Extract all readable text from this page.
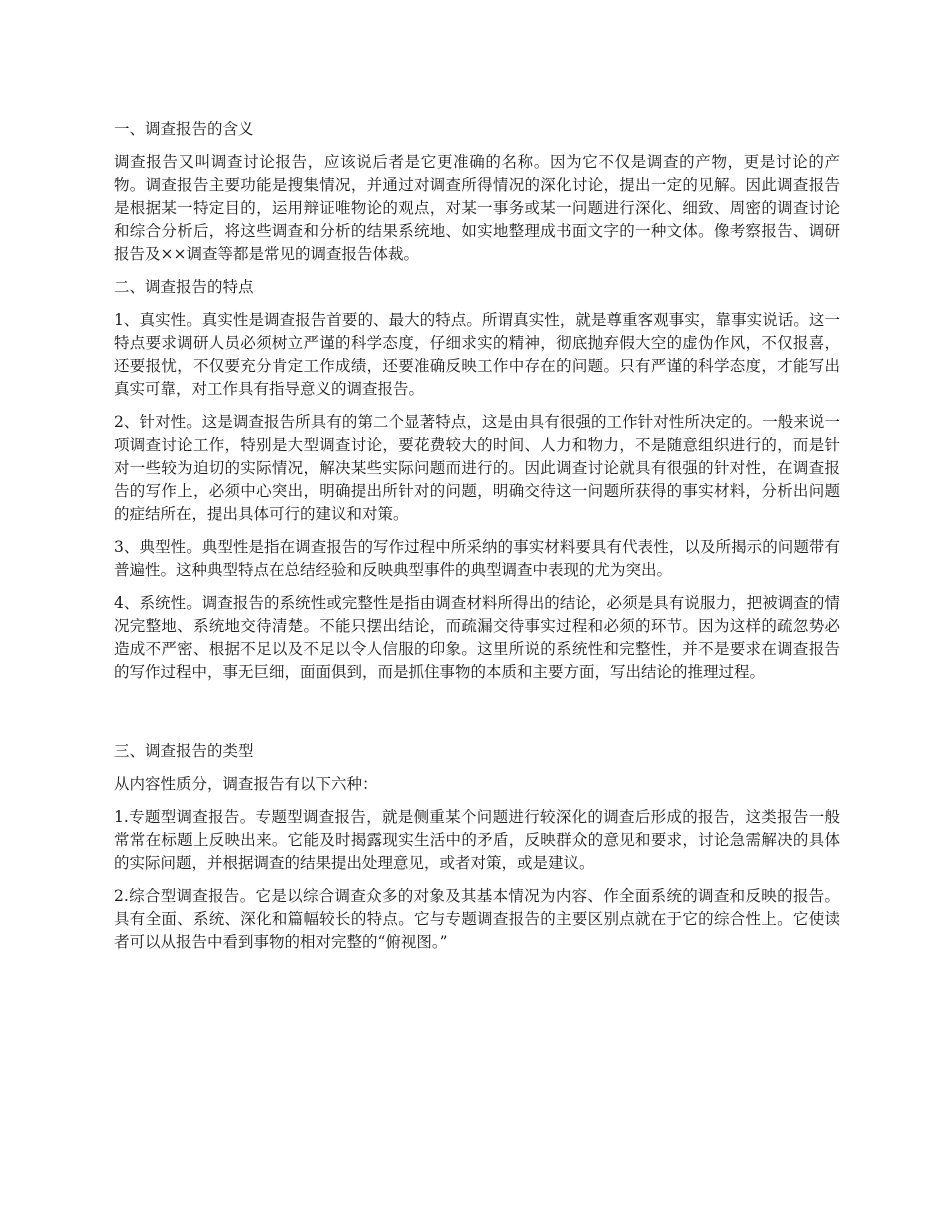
一、调查报告的含义
调查报告又叫调查讨论报告，应该说后者是它更准确的名称。因为它不仅是调查的产物，更是讨论的产物。调查报告主要功能是搜集情况，并通过对调查所得情况的深化讨论，提出一定的见解。因此调查报告是根据某一特定目的，运用辩证唯物论的观点，对某一事务或某一问题进行深化、细致、周密的调查讨论和综合分析后，将这些调查和分析的结果系统地、如实地整理成书面文字的一种文体。像考察报告、调研报告及××调查等都是常见的调查报告体裁。
二、调查报告的特点
1、真实性。真实性是调查报告首要的、最大的特点。所谓真实性，就是尊重客观事实，靠事实说话。这一特点要求调研人员必须树立严谨的科学态度，仔细求实的精神，彻底抛弃假大空的虚伪作风，不仅报喜，还要报忧，不仅要充分肯定工作成绩，还要准确反映工作中存在的问题。只有严谨的科学态度，才能写出真实可靠，对工作具有指导意义的调查报告。
2、针对性。这是调查报告所具有的第二个显著特点，这是由具有很强的工作针对性所决定的。一般来说一项调查讨论工作，特别是大型调查讨论，要花费较大的时间、人力和物力，不是随意组织进行的，而是针对一些较为迫切的实际情况，解决某些实际问题而进行的。因此调查讨论就具有很强的针对性，在调查报告的写作上，必须中心突出，明确提出所针对的问题，明确交待这一问题所获得的事实材料，分析出问题的症结所在，提出具体可行的建议和对策。
3、典型性。典型性是指在调查报告的写作过程中所采纳的事实材料要具有代表性，以及所揭示的问题带有普遍性。这种典型特点在总结经验和反映典型事件的典型调查中表现的尤为突出。
4、系统性。调查报告的系统性或完整性是指由调查材料所得出的结论，必须是具有说服力，把被调查的情况完整地、系统地交待清楚。不能只摆出结论，而疏漏交待事实过程和必须的环节。因为这样的疏忽势必造成不严密、根据不足以及不足以令人信服的印象。这里所说的系统性和完整性，并不是要求在调查报告的写作过程中，事无巨细，面面俱到，而是抓住事物的本质和主要方面，写出结论的推理过程。
三、调查报告的类型
从内容性质分，调查报告有以下六种：
1.专题型调查报告。专题型调查报告，就是侧重某个问题进行较深化的调查后形成的报告，这类报告一般常常在标题上反映出来。它能及时揭露现实生活中的矛盾，反映群众的意见和要求，讨论急需解决的具体的实际问题，并根据调查的结果提出处理意见，或者对策，或是建议。
2.综合型调查报告。它是以综合调查众多的对象及其基本情况为内容、作全面系统的调查和反映的报告。具有全面、系统、深化和篇幅较长的特点。它与专题调查报告的主要区别点就在于它的综合性上。它使读者可以从报告中看到事物的相对完整的“俯视图。”
